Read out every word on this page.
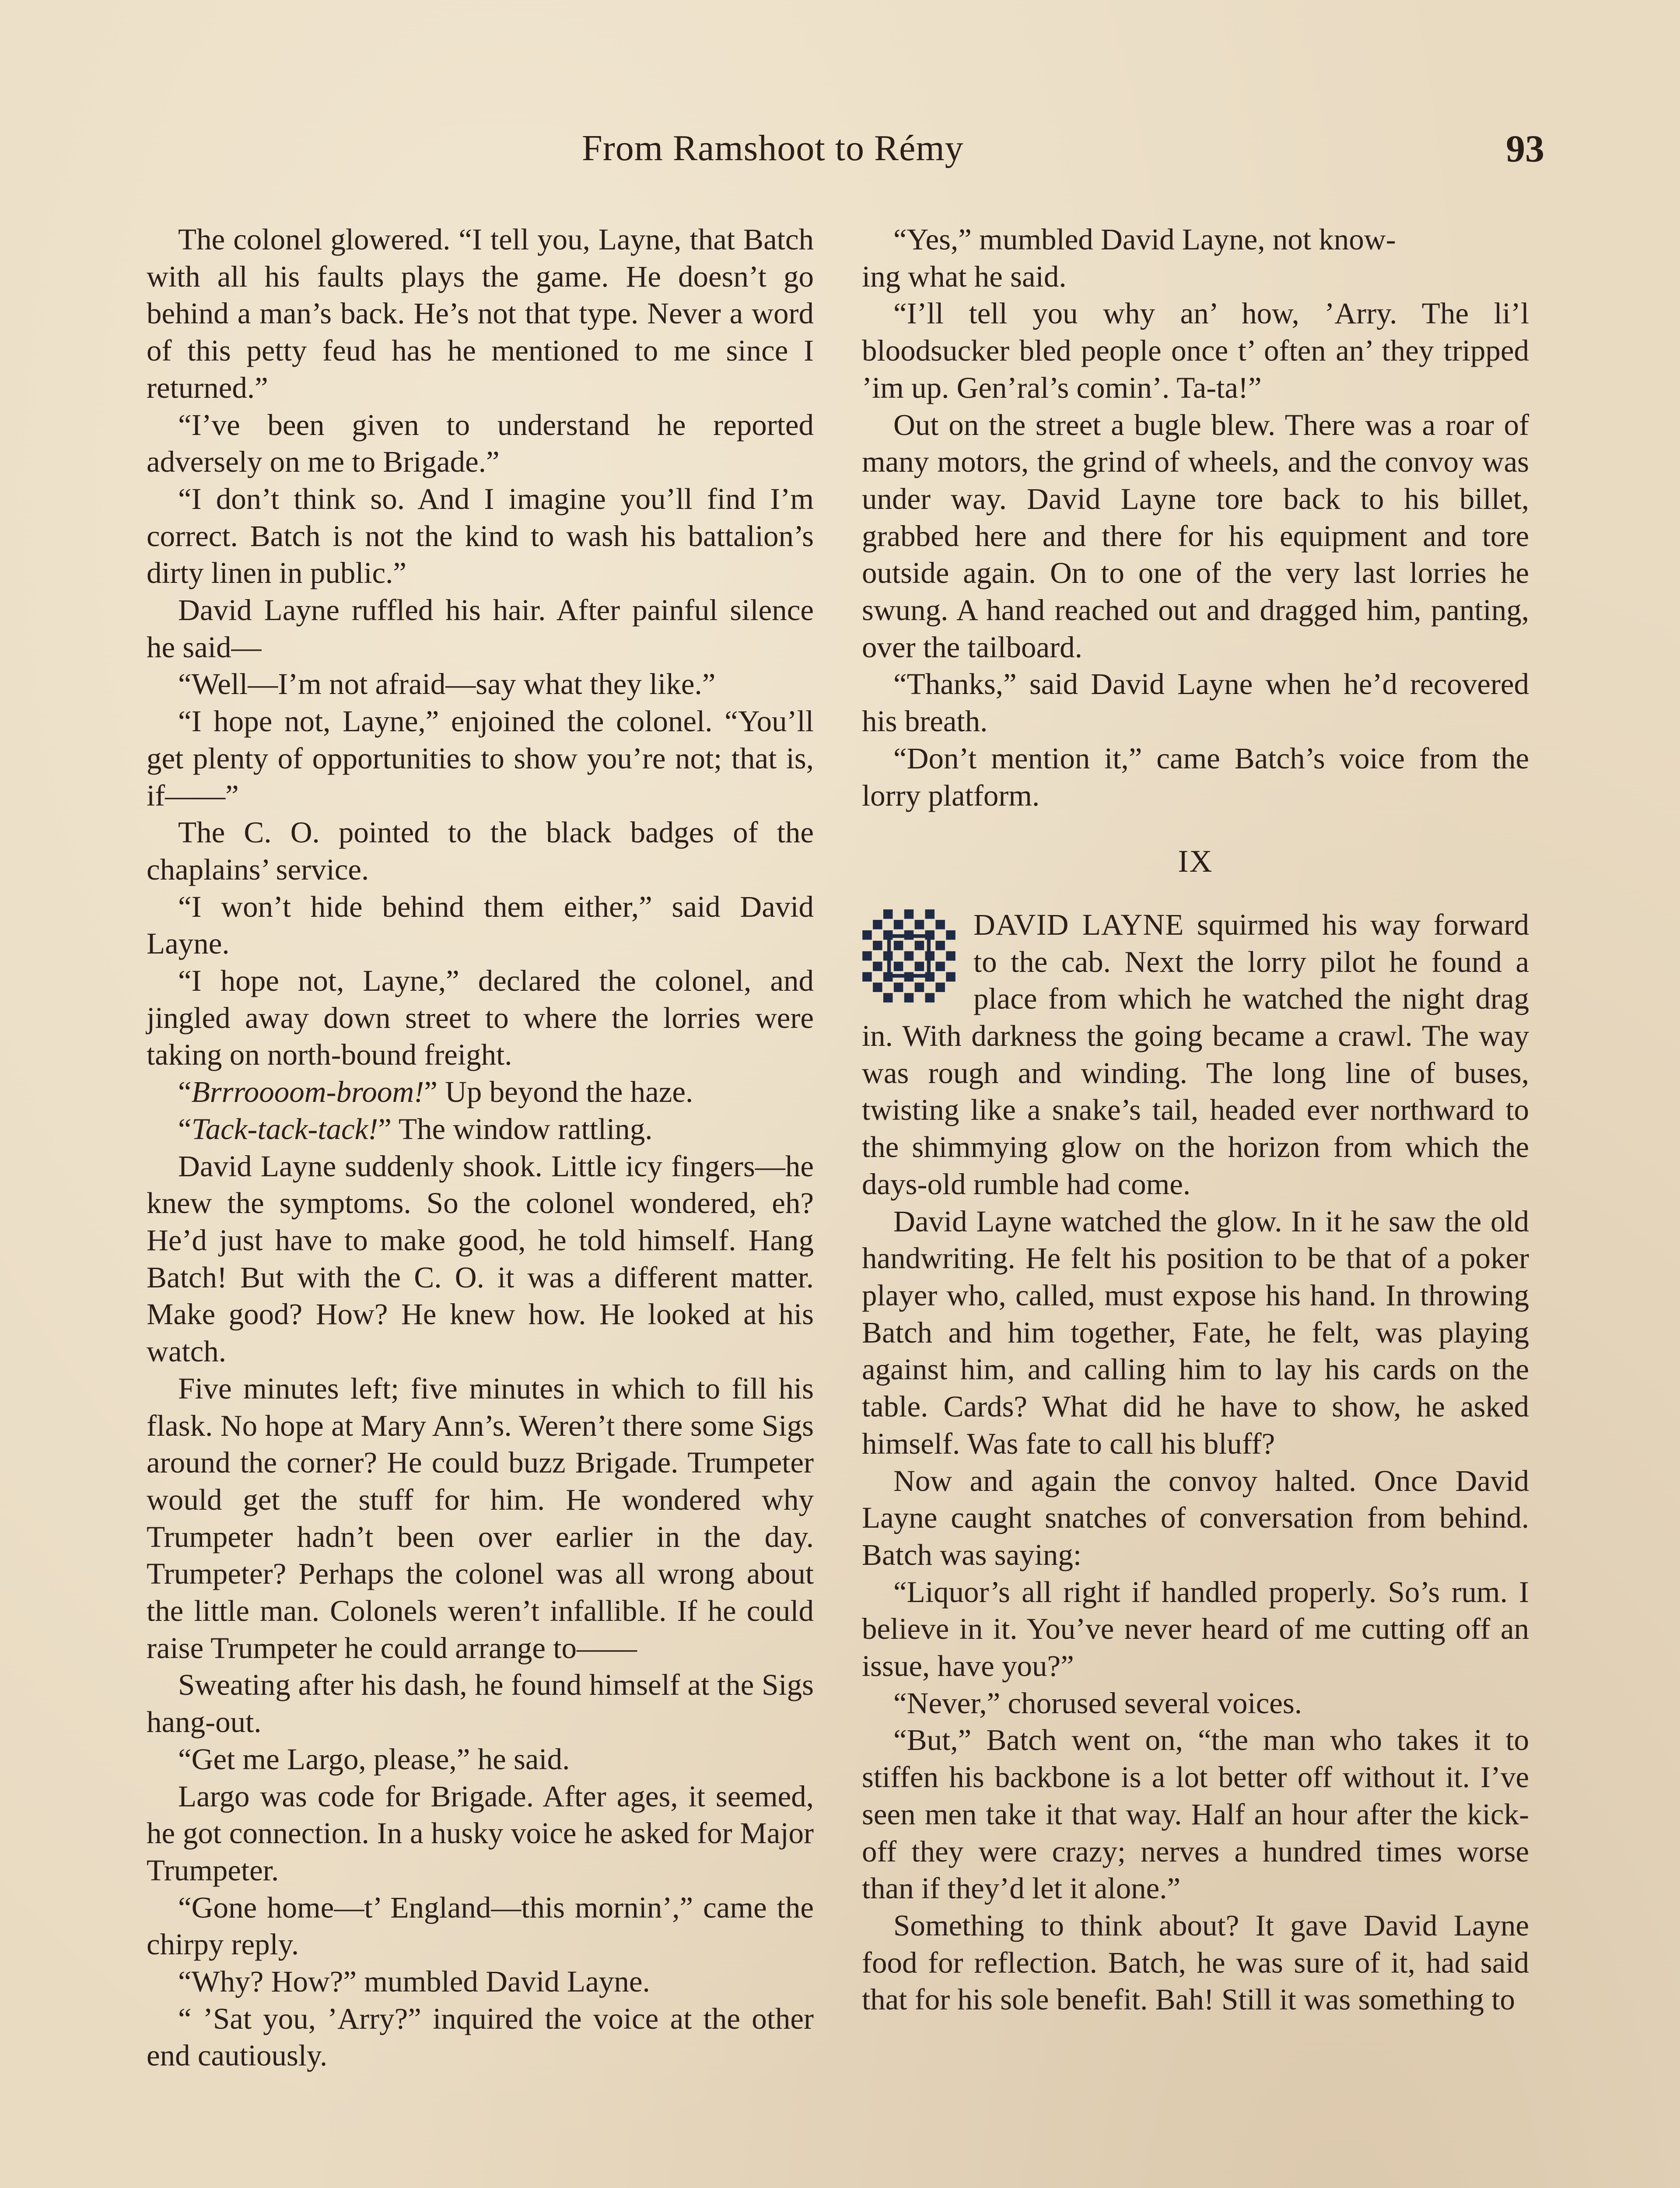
From Ramshoot to Rémy	93

The colonel glowered. “I tell you, Layne, that Batch with all his faults plays the game. He doesn’t go behind a man’s back. He’s not that type. Never a word of this petty feud has he mentioned to me since I returned.”

“I’ve been given to understand he reported adversely on me to Brigade.”

“I don’t think so. And I imagine you’ll find I’m correct. Batch is not the kind to wash his battalion’s dirty linen in public.”

David Layne ruffled his hair. After painful silence he said—

“Well—I’m not afraid—say what they like.”

“I hope not, Layne,” enjoined the colonel. “You’ll get plenty of opportunities to show you’re not; that is, if——”

The C. O. pointed to the black badges of the chaplains’ service.

“I won’t hide behind them either,” said David Layne.

“I hope not, Layne,” declared the colonel, and jingled away down street to where the lorries were taking on north-bound freight.

“Brrroooom-broom!” Up beyond the haze.

“Tack-tack-tack!” The window rattling.

David Layne suddenly shook. Little icy fingers—he knew the symptoms. So the colonel wondered, eh? He’d just have to make good, he told himself. Hang Batch! But with the C. O. it was a different matter. Make good? How? He knew how. He looked at his watch.

Five minutes left; five minutes in which to fill his flask. No hope at Mary Ann’s. Weren’t there some Sigs around the corner? He could buzz Brigade. Trumpeter would get the stuff for him. He wondered why Trumpeter hadn’t been over earlier in the day. Trumpeter? Perhaps the colonel was all wrong about the little man. Colonels weren’t infallible. If he could raise Trumpeter he could arrange to——

Sweating after his dash, he found himself at the Sigs hang-out.

“Get me Largo, please,” he said.

Largo was code for Brigade. After ages, it seemed, he got connection. In a husky voice he asked for Major Trumpeter.

“Gone home—t’ England—this mornin’,” came the chirpy reply.

“Why? How?” mumbled David Layne.

“ ’Sat you, ’Arry?” inquired the voice at the other end cautiously.

“Yes,” mumbled David Layne, not know-

ing what he said.

“I’ll tell you why an’ how, ’Arry. The li’l bloodsucker bled people once t’ often an’ they tripped ’im up. Gen’ral’s comin’. Ta-ta!”

Out on the street a bugle blew. There was a roar of many motors, the grind of wheels, and the convoy was under way. David Layne tore back to his billet, grabbed here and there for his equipment and tore outside again. On to one of the very last lorries he swung. A hand reached out and dragged him, panting, over the tailboard.

“Thanks,” said David Layne when he’d recovered his breath.

“Don’t mention it,” came Batch’s voice from the lorry platform.

IX

DAVID LAYNE squirmed his way forward to the cab. Next the lorry pilot he found a place from which he watched the night drag in. With darkness the going became a crawl. The way was rough and winding. The long line of buses, twisting like a snake’s tail, headed ever northward to the shimmying glow on the horizon from which the days-old rumble had come.

David Layne watched the glow. In it he saw the old handwriting. He felt his position to be that of a poker player who, called, must expose his hand. In throwing Batch and him together, Fate, he felt, was playing against him, and calling him to lay his cards on the table. Cards? What did he have to show, he asked himself. Was fate to call his bluff?

Now and again the convoy halted. Once David Layne caught snatches of conversation from behind. Batch was saying:

“Liquor’s all right if handled properly. So’s rum. I believe in it. You’ve never heard of me cutting off an issue, have you?”

“Never,” chorused several voices.

“But,” Batch went on, “the man who takes it to stiffen his backbone is a lot better off without it. I’ve seen men take it that way. Half an hour after the kick-off they were crazy; nerves a hundred times worse than if they’d let it alone.”

Something to think about? It gave David Layne food for reflection. Batch, he was sure of it, had said that for his sole benefit. Bah! Still it was something to
